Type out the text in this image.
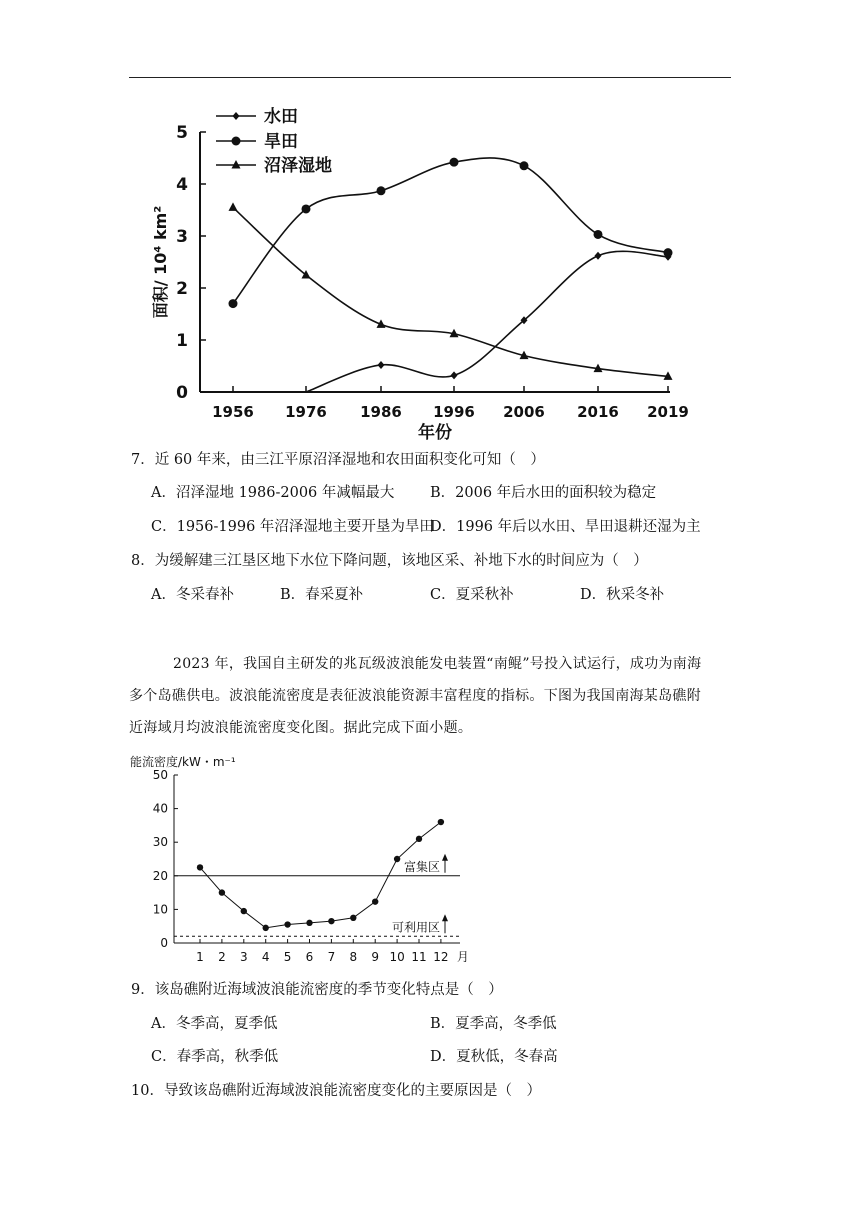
0
1
2
3
4
5
1956 1976 1986 1996 2006 2016 2019
年份
面积/ 10⁴ km²
水田
旱田
沼泽湿地
7．近 60 年来，由三江平原沼泽湿地和农田面积变化可知（　）
A．沼泽湿地 1986-2006 年减幅最大 B．2006 年后水田的面积较为稳定
C．1956-1996 年沼泽湿地主要开垦为旱田
D．1996 年后以水田、旱田退耕还湿为主
8．为缓解建三江垦区地下水位下降问题，该地区采、补地下水的时间应为（　）
A．冬采春补	B．春采夏补	C．夏采秋补	D．秋采冬补

2023 年，我国自主研发的兆瓦级波浪能发电装置“南鲲”号投入试运行，成功为南海

多个岛礁供电。波浪能流密度是表征波浪能资源丰富程度的指标。下图为我国南海某岛礁附

近海域月均波浪能流密度变化图。据此完成下面小题。

能流密度/kW・m⁻¹
0
10
20
30
40
50
1 2 3 4 5 6 7 8 9 10 11 12 月
富集区
可利用区
9．该岛礁附近海域波浪能流密度的季节变化特点是（　）
A．冬季高，夏季低	B．夏季高，冬季低
C．春季高，秋季低	D．夏秋低，冬春高
10．导致该岛礁附近海域波浪能流密度变化的主要原因是（　）
